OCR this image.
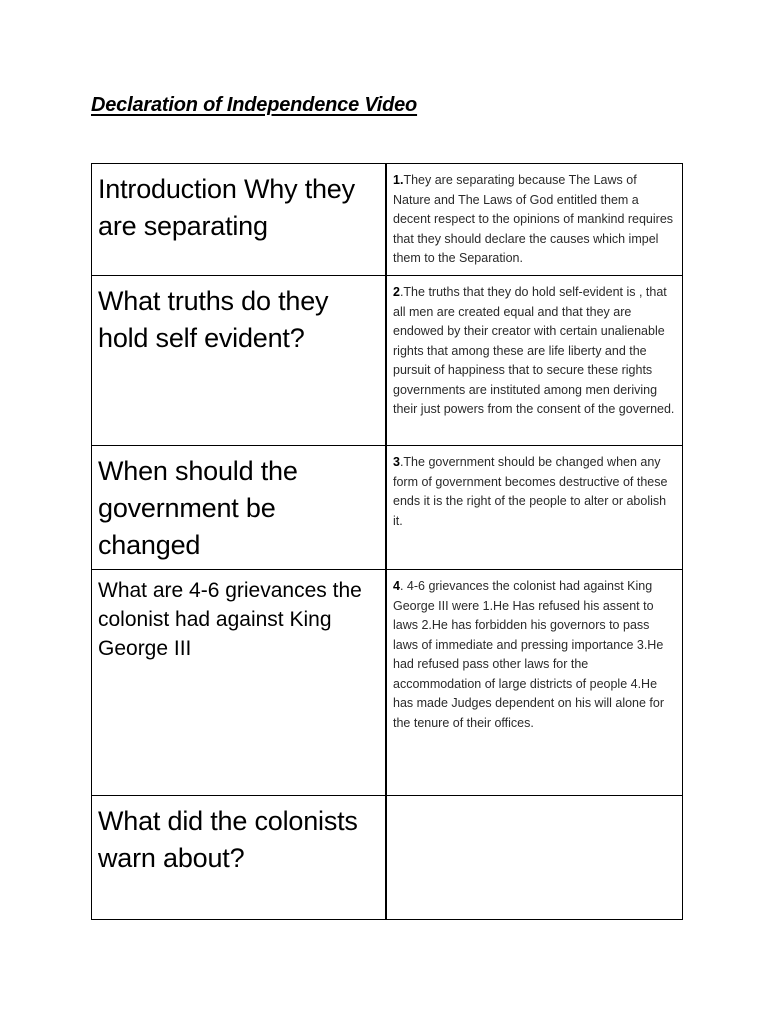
Declaration of Independence Video
Introduction Why they are separating	1.They are separating because The Laws of Nature and The Laws of God entitled them a decent respect to the opinions of mankind requires that they should declare the causes which impel them to the Separation.

What truths do they hold self evident?	2.The truths that they do hold self-evident is , that all men are created equal and that they are endowed by their creator with certain unalienable rights that among these are life liberty and the pursuit of happiness that to secure these rights governments are instituted among men deriving their just powers from the consent of the governed.

When should the government be changed	3.The government should be changed when any form of government becomes destructive of these ends it is the right of the people to alter or abolish it.

What are 4-6 grievances the colonist had against King George III	4. 4-6 grievances the colonist had against King George III were 1.He Has refused his assent to laws 2.He has forbidden his governors to pass laws of immediate and pressing importance 3.He had refused pass other laws for the accommodation of large districts of people 4.He has made Judges dependent on his will alone for the tenure of their offices.

What did the colonists warn about?	
